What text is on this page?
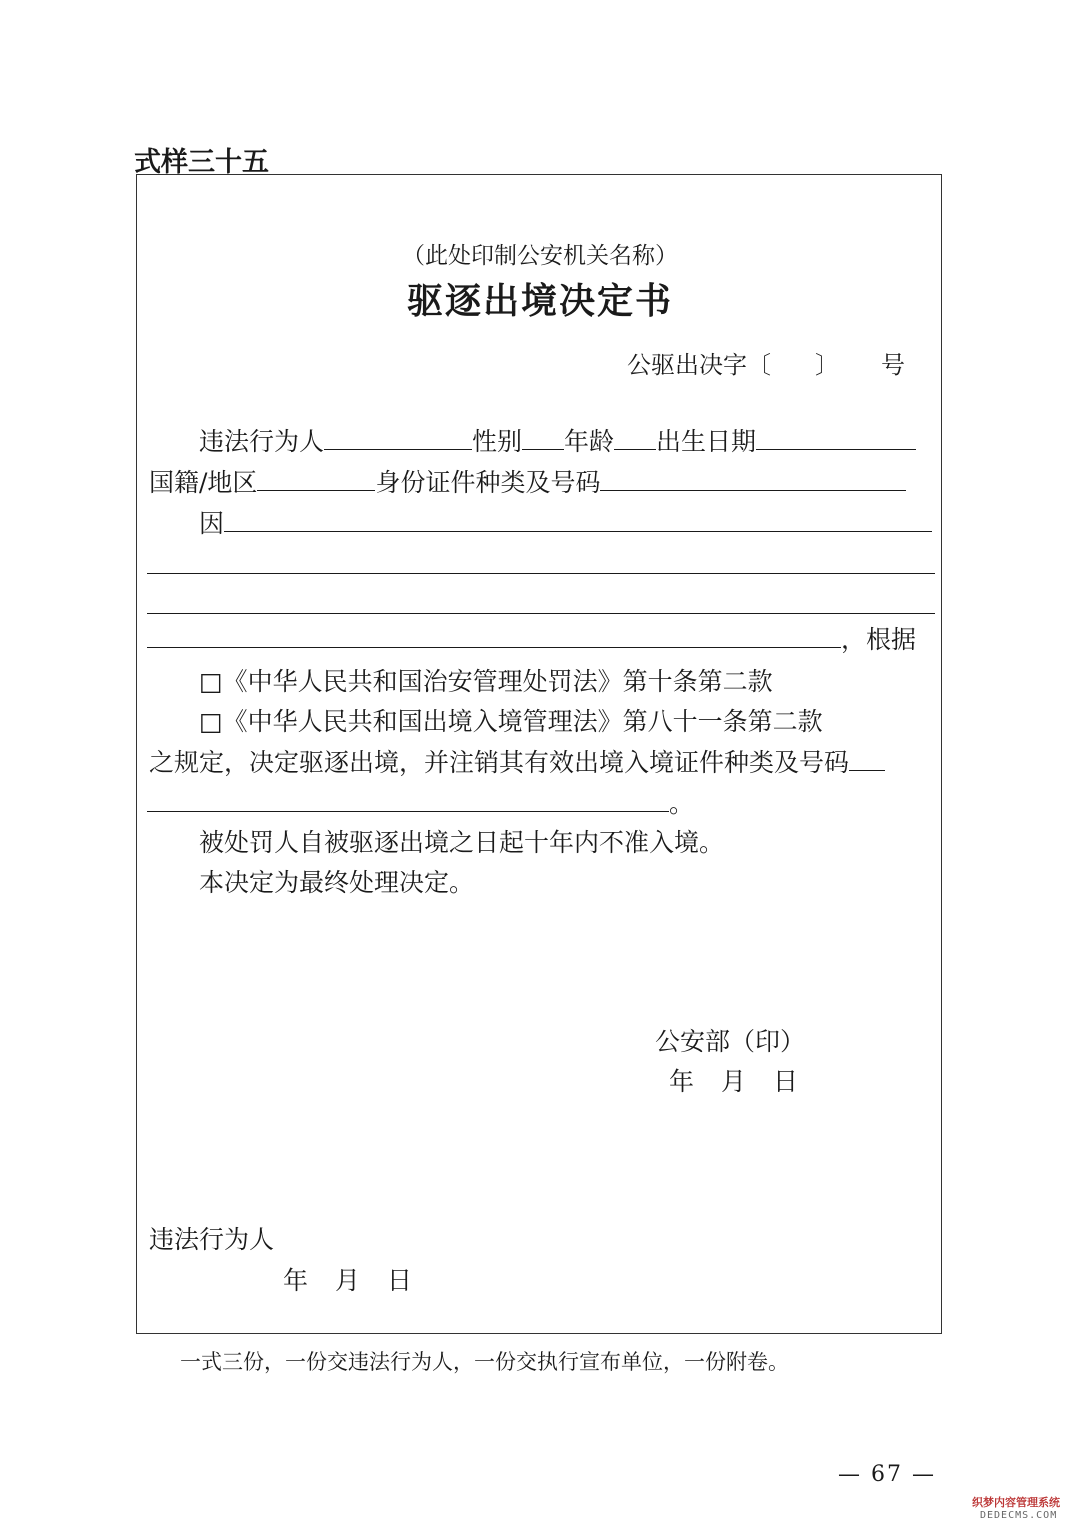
式样三十五
（此处印制公安机关名称）
驱逐出境决定书
公驱出决字〔 〕 号
违法行为人	性别 年龄 出生日期
国籍/地区	身份证件种类及号码
因
，根据
□《中华人民共和国治安管理处罚法》第十条第二款
□《中华人民共和国出境入境管理法》第八十一条第二款
之规定，决定驱逐出境，并注销其有效出境入境证件种类及号码
。
被处罚人自被驱逐出境之日起十年内不准入境。
本决定为最终处理决定。
公安部（印）
年　月　日
违法行为人
年　月　日
一式三份，一份交违法行为人，一份交执行宣布单位，一份附卷。
— 67 —
织梦内容管理系统
DEDECMS.COM
